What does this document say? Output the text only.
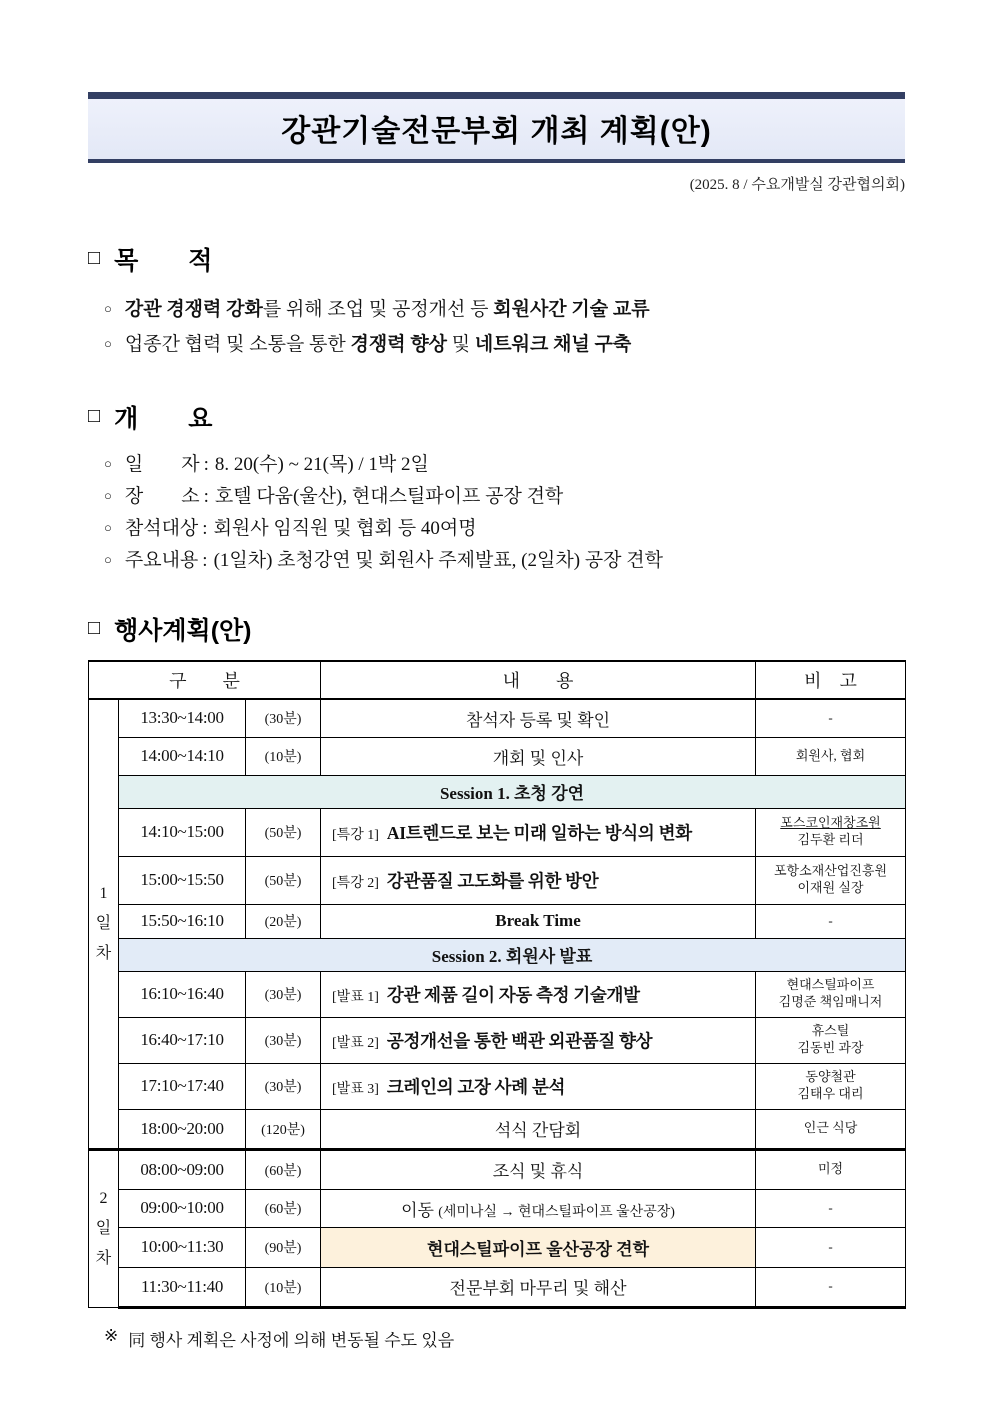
강관기술전문부회 개최 계획(안)
(2025. 8 / 수요개발실 강관협의회)
□ 목　　적
○ 강관 경쟁력 강화를 위해 조업 및 공정개선 등 회원사간 기술 교류
○ 업종간 협력 및 소통을 통한 경쟁력 향상 및 네트워크 채널 구축
□ 개　　요
○ 일　　자 : 8. 20(수) ~ 21(목) / 1박 2일
○ 장　　소 : 호텔 다움(울산), 현대스틸파이프 공장 견학
○ 참석대상 : 회원사 임직원 및 협회 등 40여명
○ 주요내용 : (1일차) 초청강연 및 회원사 주제발표, (2일차) 공장 견학
□ 행사계획(안)
구　　분			내　　용	비　고

1
일
차	13:30~14:00	(30분)	참석자 등록 및 확인	-
	14:00~14:10	(10분)	개회 및 인사	회원사, 협회
	Session 1. 초청 강연			
	14:10~15:00	(50분)	[특강 1] AI트렌드로 보는 미래 일하는 방식의 변화	포스코인재창조원
김두환 리더

	15:00~15:50	(50분)	[특강 2] 강관품질 고도화를 위한 방안	포항소재산업진흥원
이재원 실장

	15:50~16:10	(20분)	Break Time	-
	Session 2. 회원사 발표			
	16:10~16:40	(30분)	[발표 1] 강관 제품 길이 자동 측정 기술개발	현대스틸파이프
김명준 책임매니저

	16:40~17:10	(30분)	[발표 2] 공정개선을 통한 백관 외관품질 향상	휴스틸
김동빈 과장

	17:10~17:40	(30분)	[발표 3] 크레인의 고장 사례 분석	동양철관
김태우 대리

	18:00~20:00	(120분)	석식 간담회	인근 식당

2
일
차	08:00~09:00	(60분)	조식 및 휴식	미정
	09:00~10:00	(60분)	이동 (세미나실 → 현대스틸파이프 울산공장)	-
	10:00~11:30	(90분)	현대스틸파이프 울산공장 견학	-
	11:30~11:40	(10분)	전문부회 마무리 및 해산	-
※ 同 행사 계획은 사정에 의해 변동될 수도 있음
